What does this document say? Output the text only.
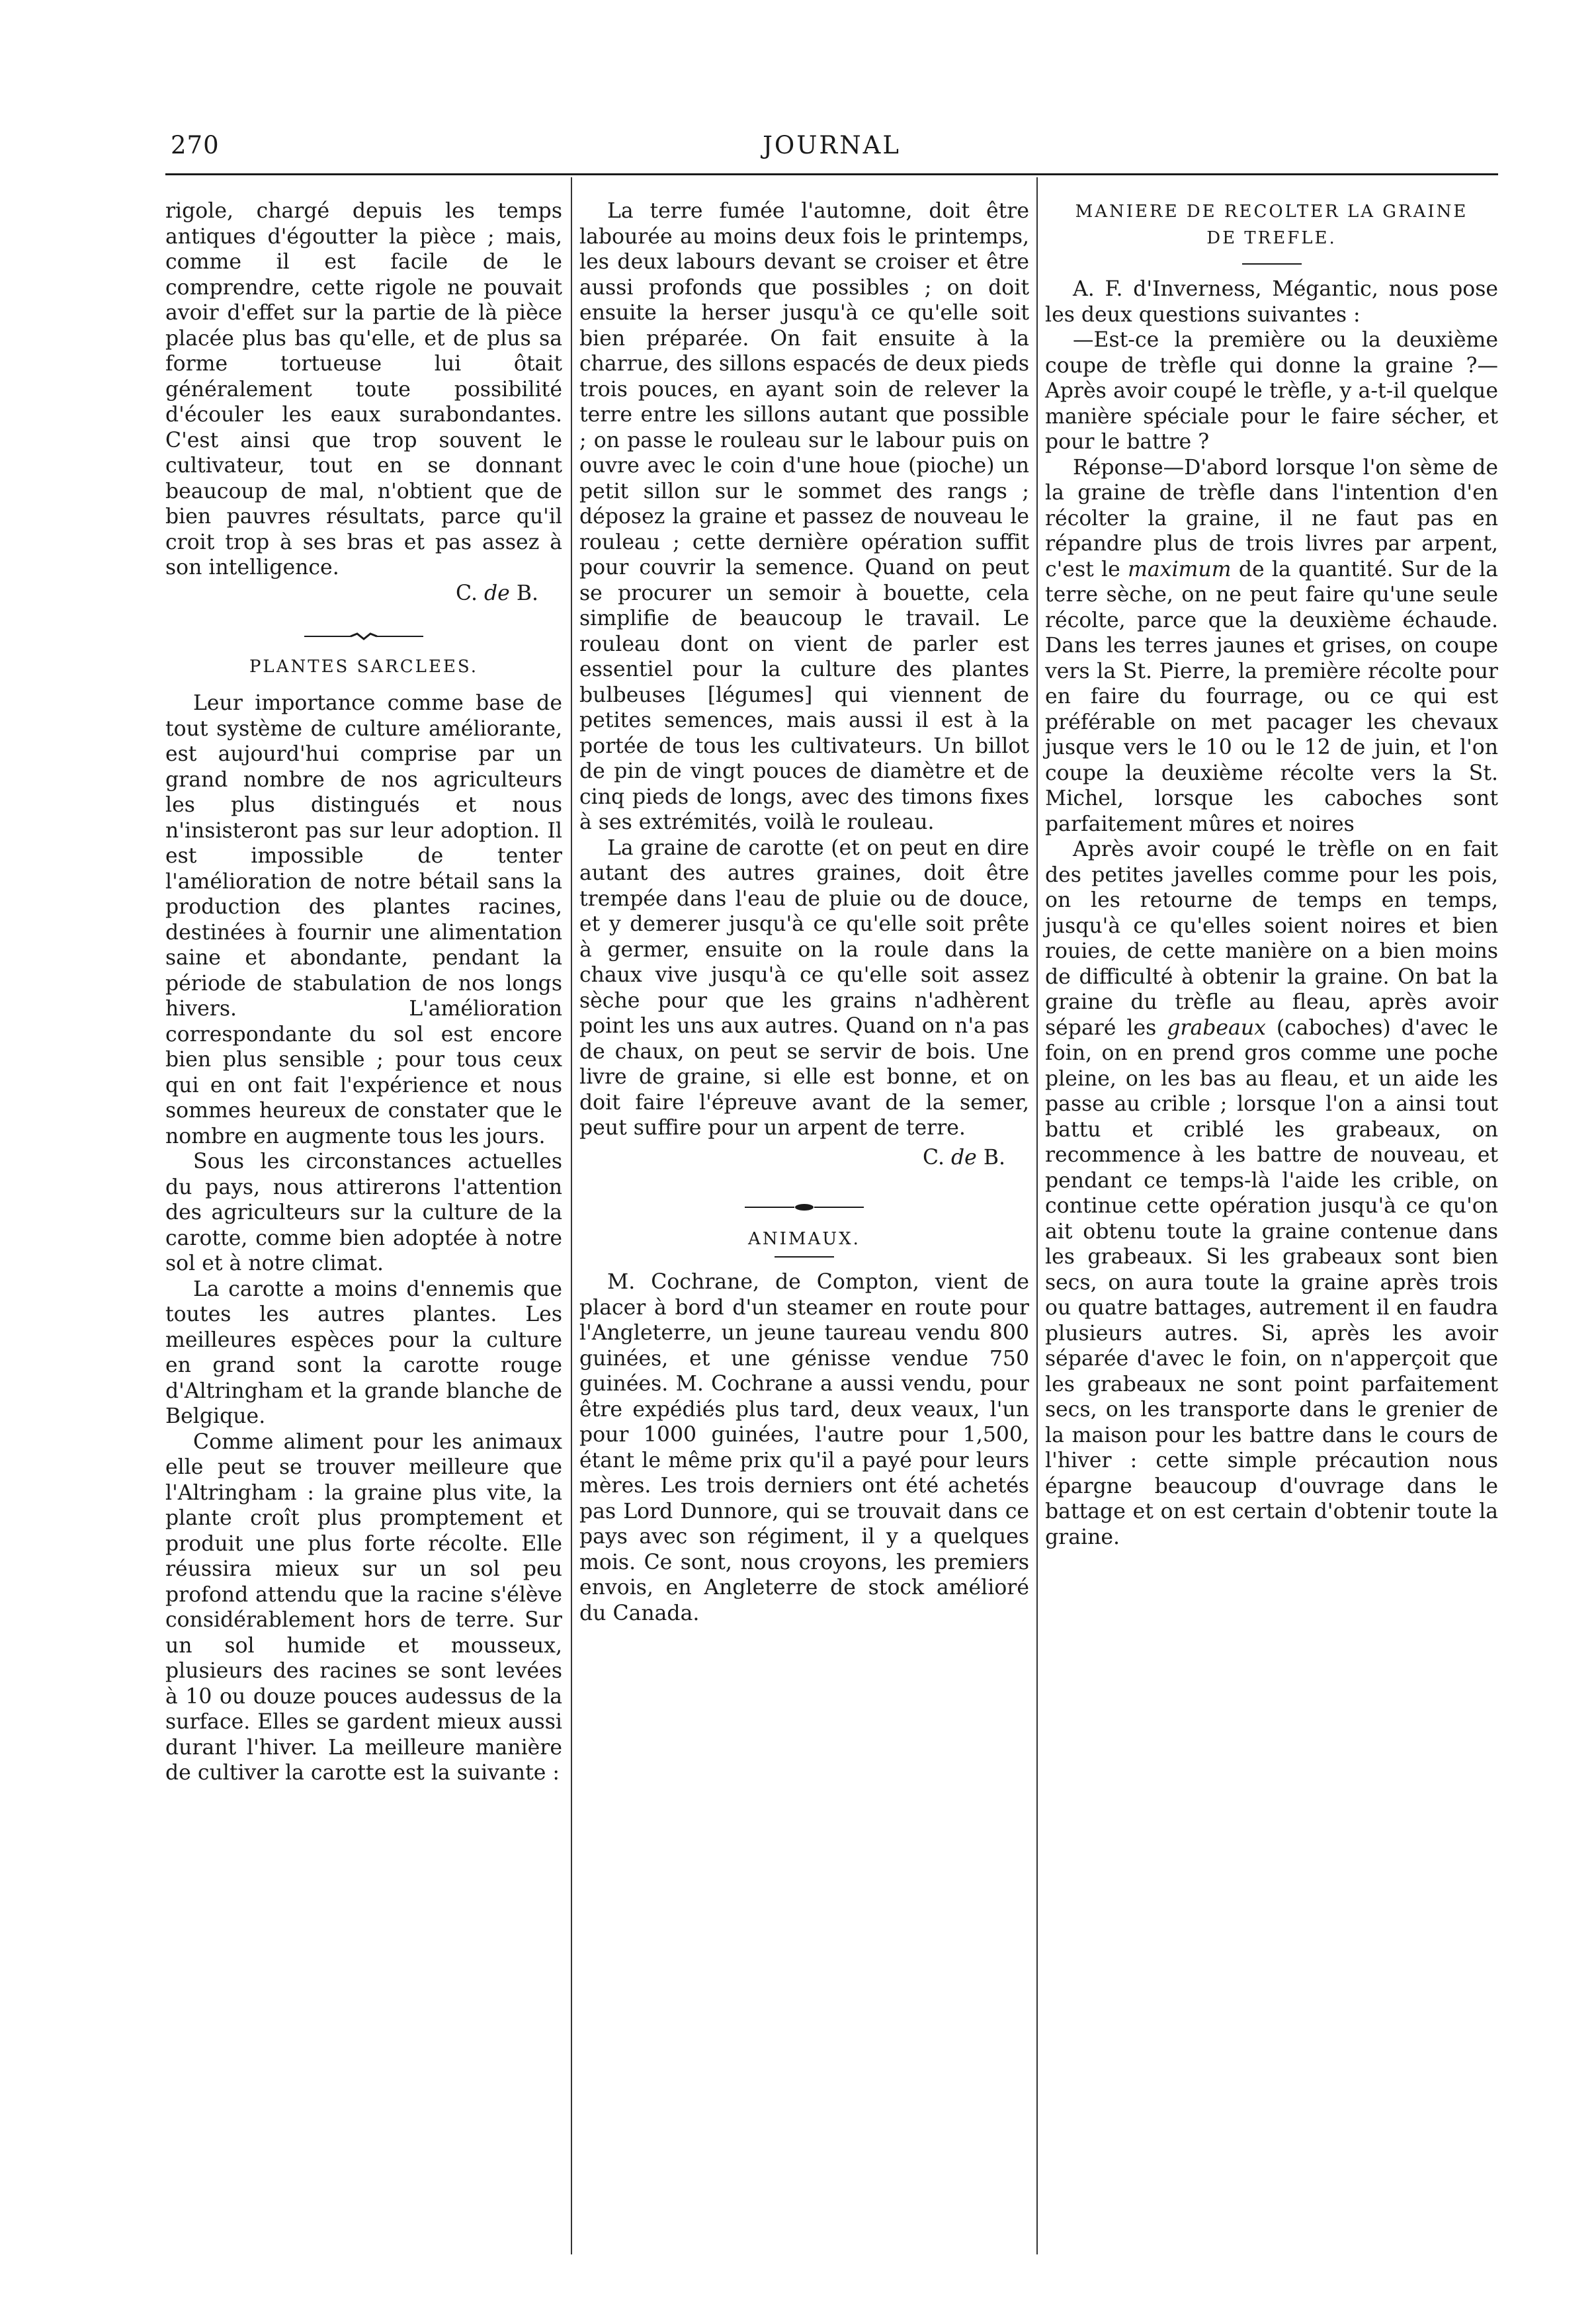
270	JOURNAL

rigole, chargé depuis les temps antiques d'égoutter la pièce ; mais, comme il est facile de le comprendre, cette rigole ne pouvait avoir d'effet sur la partie de là pièce placée plus bas qu'elle, et de plus sa forme tortueuse lui ôtait généralement toute possibilité d'écouler les eaux surabondantes. C'est ainsi que trop souvent le cultivateur, tout en se donnant beaucoup de mal, n'obtient que de bien pauvres résultats, parce qu'il croit trop à ses bras et pas assez à son intelligence.

C. de B.

PLANTES SARCLEES.

Leur importance comme base de tout système de culture améliorante, est aujourd'hui comprise par un grand nombre de nos agriculteurs les plus distingués et nous n'insisteront pas sur leur adoption. Il est impossible de tenter l'amélioration de notre bétail sans la production des plantes racines, destinées à fournir une alimentation saine et abondante, pendant la période de stabulation de nos longs hivers. L'amélioration correspondante du sol est encore bien plus sensible ; pour tous ceux qui en ont fait l'expérience et nous sommes heureux de constater que le nombre en augmente tous les jours.

Sous les circonstances actuelles du pays, nous attirerons l'attention des agriculteurs sur la culture de la carotte, comme bien adoptée à notre sol et à notre climat.

La carotte a moins d'ennemis que toutes les autres plantes. Les meilleures espèces pour la culture en grand sont la carotte rouge d'Altringham et la grande blanche de Belgique.

Comme aliment pour les animaux elle peut se trouver meilleure que l'Altringham : la graine plus vite, la plante croît plus promptement et produit une plus forte récolte. Elle réussira mieux sur un sol peu profond attendu que la racine s'élève considérablement hors de terre. Sur un sol humide et mousseux, plusieurs des racines se sont levées à 10 ou douze pouces audessus de la surface. Elles se gardent mieux aussi durant l'hiver. La meilleure manière de cultiver la carotte est la suivante :

La terre fumée l'automne, doit être labourée au moins deux fois le printemps, les deux labours devant se croiser et être aussi profonds que possibles ; on doit ensuite la herser jusqu'à ce qu'elle soit bien préparée. On fait ensuite à la charrue, des sillons espacés de deux pieds trois pouces, en ayant soin de relever la terre entre les sillons autant que possible ; on passe le rouleau sur le labour puis on ouvre avec le coin d'une houe (pioche) un petit sillon sur le sommet des rangs ; déposez la graine et passez de nouveau le rouleau ; cette dernière opération suffit pour couvrir la semence. Quand on peut se procurer un semoir à bouette, cela simplifie de beaucoup le travail. Le rouleau dont on vient de parler est essentiel pour la culture des plantes bulbeuses [légumes] qui viennent de petites semences, mais aussi il est à la portée de tous les cultivateurs. Un billot de pin de vingt pouces de diamètre et de cinq pieds de longs, avec des timons fixes à ses extrémités, voilà le rouleau.

La graine de carotte (et on peut en dire autant des autres graines, doit être trempée dans l'eau de pluie ou de douce, et y demerer jusqu'à ce qu'elle soit prête à germer, ensuite on la roule dans la chaux vive jusqu'à ce qu'elle soit assez sèche pour que les grains n'adhèrent point les uns aux autres. Quand on n'a pas de chaux, on peut se servir de bois. Une livre de graine, si elle est bonne, et on doit faire l'épreuve avant de la semer, peut suffire pour un arpent de terre.

C. de B.

ANIMAUX.

M. Cochrane, de Compton, vient de placer à bord d'un steamer en route pour l'Angleterre, un jeune taureau vendu 800 guinées, et une génisse vendue 750 guinées. M. Cochrane a aussi vendu, pour être expédiés plus tard, deux veaux, l'un pour 1000 guinées, l'autre pour 1,500, étant le même prix qu'il a payé pour leurs mères. Les trois derniers ont été achetés pas Lord Dunnore, qui se trouvait dans ce pays avec son régiment, il y a quelques mois. Ce sont, nous croyons, les premiers envois, en Angleterre de stock amélioré du Canada.

MANIERE DE RECOLTER LA GRAINE DE TREFLE.

A. F. d'Inverness, Mégantic, nous pose les deux questions suivantes :

—Est-ce la première ou la deuxième coupe de trèfle qui donne la graine ?—Après avoir coupé le trèfle, y a-t-il quelque manière spéciale pour le faire sécher, et pour le battre ?

Réponse—D'abord lorsque l'on sème de la graine de trèfle dans l'intention d'en récolter la graine, il ne faut pas en répandre plus de trois livres par arpent, c'est le maximum de la quantité. Sur de la terre sèche, on ne peut faire qu'une seule récolte, parce que la deuxième échaude. Dans les terres jaunes et grises, on coupe vers la St. Pierre, la première récolte pour en faire du fourrage, ou ce qui est préférable on met pacager les chevaux jusque vers le 10 ou le 12 de juin, et l'on coupe la deuxième récolte vers la St. Michel, lorsque les caboches sont parfaitement mûres et noires

Après avoir coupé le trèfle on en fait des petites javelles comme pour les pois, on les retourne de temps en temps, jusqu'à ce qu'elles soient noires et bien rouies, de cette manière on a bien moins de difficulté à obtenir la graine. On bat la graine du trèfle au fleau, après avoir séparé les grabeaux (caboches) d'avec le foin, on en prend gros comme une poche pleine, on les bas au fleau, et un aide les passe au crible ; lorsque l'on a ainsi tout battu et criblé les grabeaux, on recommence à les battre de nouveau, et pendant ce temps-là l'aide les crible, on continue cette opération jusqu'à ce qu'on ait obtenu toute la graine contenue dans les grabeaux. Si les grabeaux sont bien secs, on aura toute la graine après trois ou quatre battages, autrement il en faudra plusieurs autres. Si, après les avoir séparée d'avec le foin, on n'apperçoit que les grabeaux ne sont point parfaitement secs, on les transporte dans le grenier de la maison pour les battre dans le cours de l'hiver : cette simple précaution nous épargne beaucoup d'ouvrage dans le battage et on est certain d'obtenir toute la graine.
